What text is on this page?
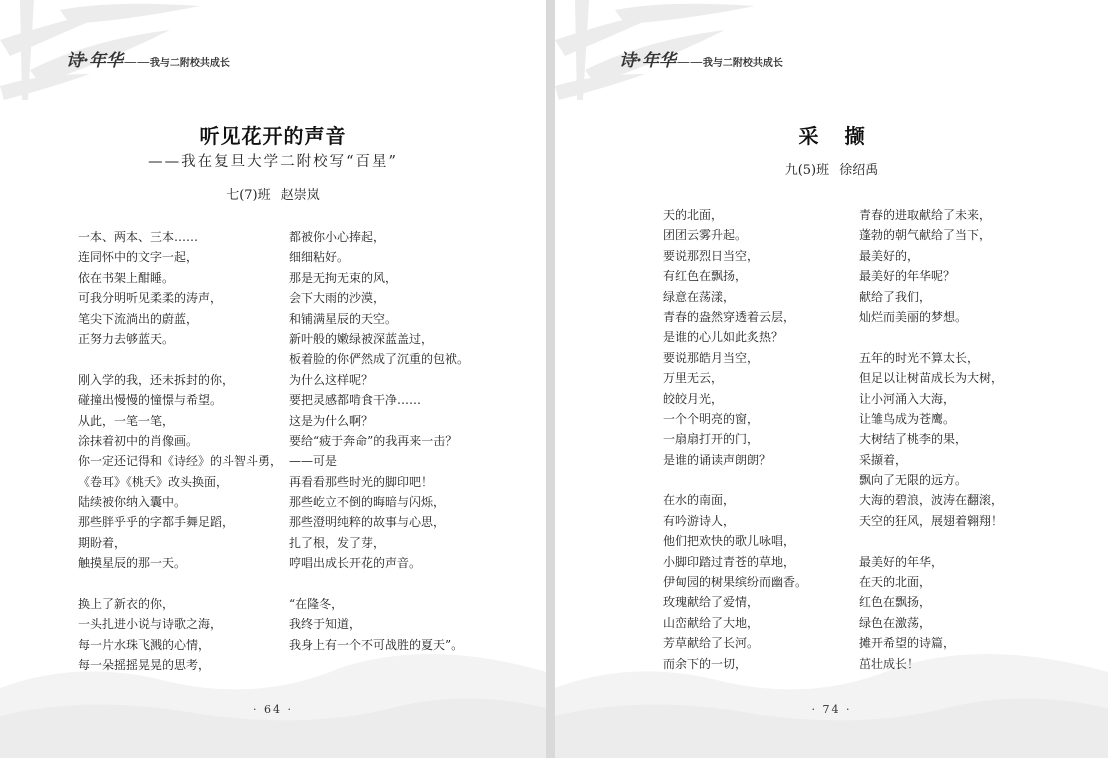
诗·年华 —— 我与二附校共成长
听见花开的声音
——我在复旦大学二附校写“百星”
七(7)班 赵崇岚
一本、两本、三本……
连同怀中的文字一起，
依在书架上酣睡。
可我分明听见柔柔的涛声，
笔尖下流淌出的蔚蓝，
正努力去够蓝天。
刚入学的我，还未拆封的你，
碰撞出慢慢的憧憬与希望。
从此，一笔一笔，
涂抹着初中的肖像画。
你一定还记得和《诗经》的斗智斗勇，
《卷耳》《桃夭》改头换面，
陆续被你纳入囊中。
那些胖乎乎的字都手舞足蹈，
期盼着，
触摸星辰的那一天。
换上了新衣的你，
一头扎进小说与诗歌之海，
每一片水珠飞溅的心情，
每一朵摇摇晃晃的思考，
都被你小心捧起，
细细粘好。
那是无拘无束的风，
会下大雨的沙漠，
和铺满星辰的天空。
新叶般的嫩绿被深蓝盖过，
板着脸的你俨然成了沉重的包袱。
为什么这样呢？
要把灵感都啃食干净……
这是为什么啊？
要给“疲于奔命”的我再来一击？
——可是
再看看那些时光的脚印吧！
那些屹立不倒的晦暗与闪烁，
那些澄明纯粹的故事与心思，
扎了根，发了芽，
哼唱出成长开花的声音。
“在隆冬，
我终于知道，
我身上有一个不可战胜的夏天”。
· 64 ·
诗·年华 —— 我与二附校共成长
采撷
九(5)班 徐绍禹
天的北面，
团团云雾升起。
要说那烈日当空，
有红色在飘扬，
绿意在荡漾，
青春的盎然穿透着云层，
是谁的心儿如此炙热？
要说那皓月当空，
万里无云，
皎皎月光，
一个个明亮的窗，
一扇扇打开的门，
是谁的诵读声朗朗？
在水的南面，
有吟游诗人，
他们把欢快的歌儿咏唱，
小脚印踏过青苍的草地，
伊甸园的树果缤纷而幽香。
玫瑰献给了爱情，
山峦献给了大地，
芳草献给了长河。
而余下的一切，
青春的进取献给了未来，
蓬勃的朝气献给了当下，
最美好的，
最美好的年华呢？
献给了我们，
灿烂而美丽的梦想。
五年的时光不算太长，
但足以让树苗成长为大树，
让小河涌入大海，
让雏鸟成为苍鹰。
大树结了桃李的果，
采撷着，
飘向了无限的远方。
大海的碧浪，波涛在翻滚，
天空的狂风，展翅着翱翔！
最美好的年华，
在天的北面，
红色在飘扬，
绿色在激荡，
摊开希望的诗篇，
茁壮成长！
· 74 ·
